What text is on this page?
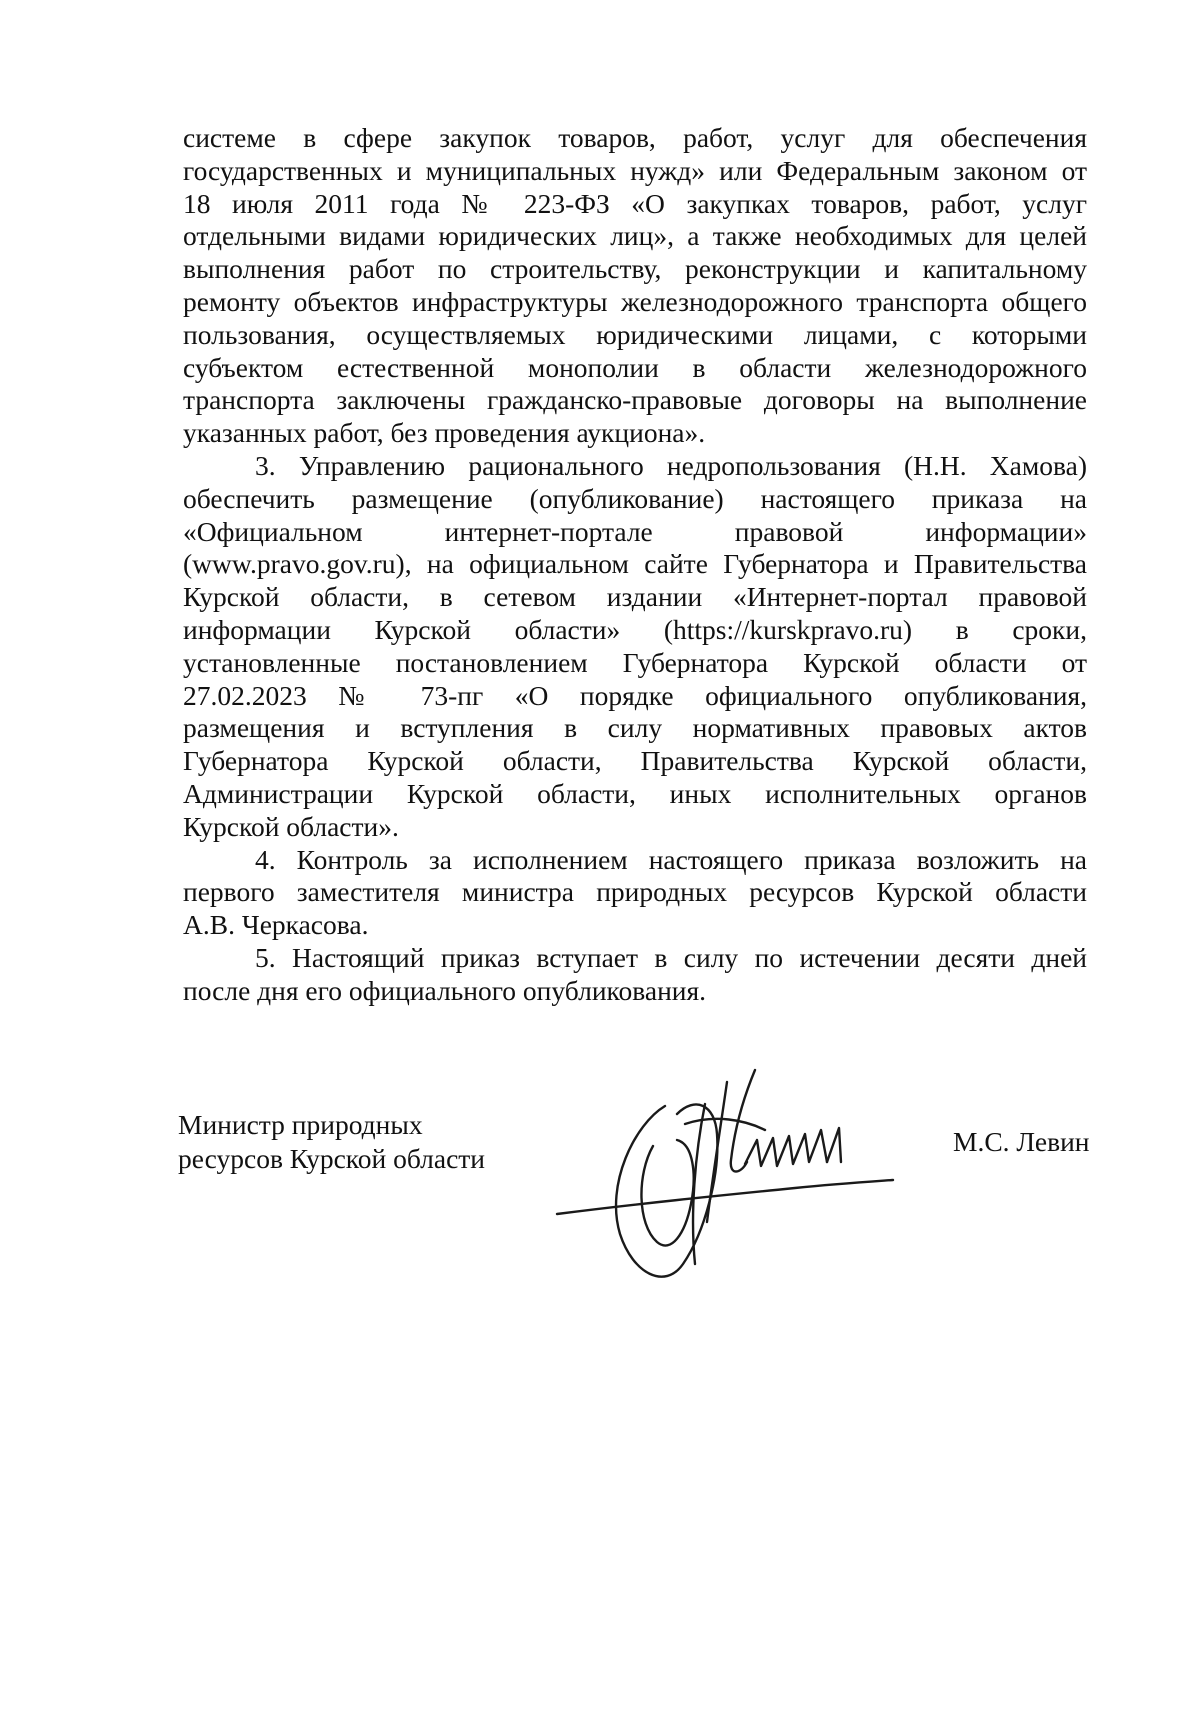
системе в сфере закупок товаров, работ, услуг для обеспечения
государственных и муниципальных нужд» или Федеральным законом от
18 июля 2011 года № 223-ФЗ «О закупках товаров, работ, услуг
отдельными видами юридических лиц», а также необходимых для целей
выполнения работ по строительству, реконструкции и капитальному
ремонту объектов инфраструктуры железнодорожного транспорта общего
пользования, осуществляемых юридическими лицами, с которыми
субъектом естественной монополии в области железнодорожного
транспорта заключены гражданско-правовые договоры на выполнение
указанных работ, без проведения аукциона».
3. Управлению рационального недропользования (Н.Н. Хамова)
обеспечить размещение (опубликование) настоящего приказа на
«Официальном интернет-портале правовой информации»
(www.pravo.gov.ru), на официальном сайте Губернатора и Правительства
Курской области, в сетевом издании «Интернет-портал правовой
информации Курской области» (https://kurskpravo.ru) в сроки,
установленные постановлением Губернатора Курской области от
27.02.2023 № 73-пг «О порядке официального опубликования,
размещения и вступления в силу нормативных правовых актов
Губернатора Курской области, Правительства Курской области,
Администрации Курской области, иных исполнительных органов
Курской области».
4. Контроль за исполнением настоящего приказа возложить на
первого заместителя министра природных ресурсов Курской области
А.В. Черкасова.
5. Настоящий приказ вступает в силу по истечении десяти дней
после дня его официального опубликования.
Министр природных
ресурсов Курской области
М.С. Левин
